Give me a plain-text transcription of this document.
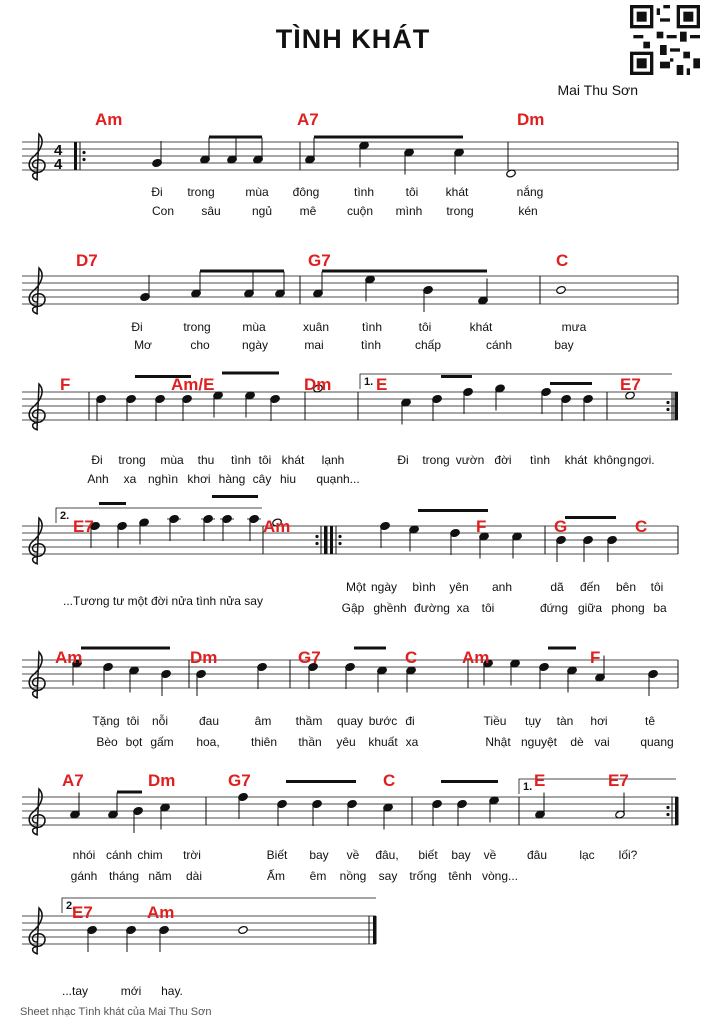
4
4
Am	A7	Dm
Đi trong	mùa đông	tình	tôi khát	nắng
Con sâu	ngủ mê	cuộn mình trong	kén
D7	G7	C
Đi	trong	mùa	xuân	tình	tôi	khát	mưa
Mơ	cho	ngày	mai	tình	chấp	cánh	bay
1.
F	Am/E	Dm	E	E7
Đi trong mùa thu tình tôi khát lạnh	Đi trong vườn đời tình khát không ngơi.
Anh xa nghìn khơi hàng cây hiu quạnh...
2.
E7	Am	F	G	C
...Tương tư một đời nửa tình nửa say
Một ngày bình yên anh	dã đến bên tôi
Gập ghềnh đường xa tôi	đứng giữa phong ba
Am	Dm	G7	C	Am	F
Tặng tôi nỗi	đau	âm thầm quay bước đi	Tiều tụy tàn hơi	tê
Bèo bọt gấm hoa,	thiên thần yêu khuất xa	Nhật nguyệt dè vai	quang
1.
A7	Dm	G7	C	E	E7
nhói cánh chim trời	Biết bay về đâu, biết bay về	đâu	lạc lối?
gánh tháng năm dài	Ấm êm nồng say trống tênh vòng...
2.
E7	Am
...tay	mới hay.
TÌNH KHÁT
Mai Thu Sơn
Sheet nhạc Tình khát của Mai Thu Sơn
